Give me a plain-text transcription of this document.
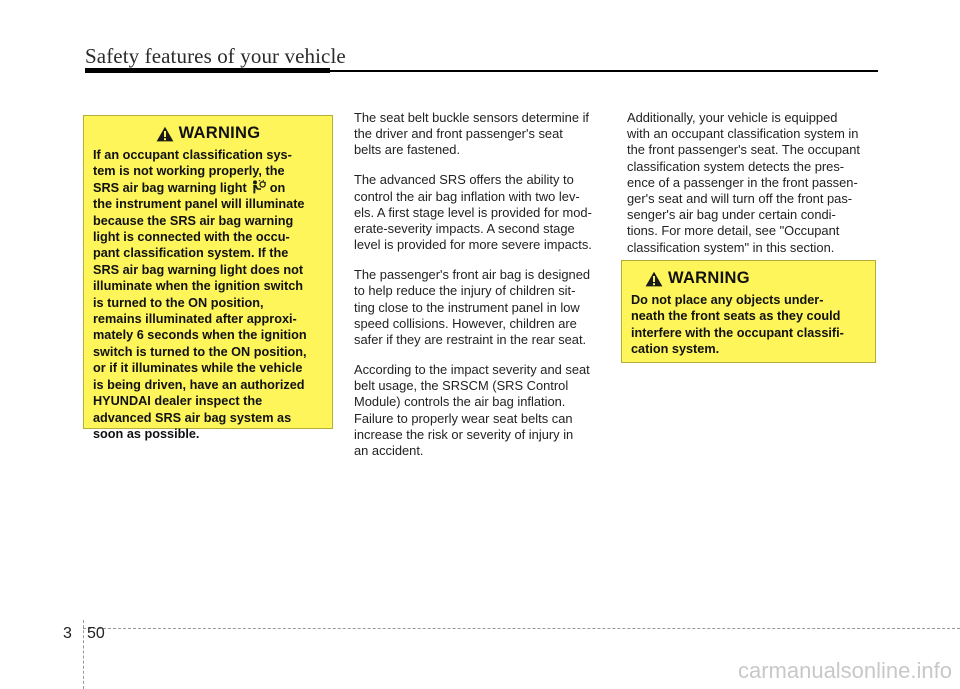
Safety features of your vehicle
WARNING

If an occupant classification sys-
tem is not working properly, the
SRS air bag warning light  on
the instrument panel will illuminate
because the SRS air bag warning
light is connected with the occu-
pant classification system. If the
SRS air bag warning light does not
illuminate when the ignition switch
is turned to the ON position,
remains illuminated after approxi-
mately 6 seconds when the ignition
switch is turned to the ON position,
or if it illuminates while the vehicle
is being driven, have an authorized
HYUNDAI dealer inspect the
advanced SRS air bag system as
soon as possible.

The seat belt buckle sensors determine if
the driver and front passenger's seat
belts are fastened.

The advanced SRS offers the ability to
control the air bag inflation with two lev-
els. A first stage level is provided for mod-
erate-severity impacts. A second stage
level is provided for more severe impacts.

The passenger's front air bag is designed
to help reduce the injury of children sit-
ting close to the instrument panel in low
speed collisions. However, children are
safer if they are restraint in the rear seat.

According to the impact severity and seat
belt usage, the SRSCM (SRS Control
Module) controls the air bag inflation.
Failure to properly wear seat belts can
increase the risk or severity of injury in
an accident.

Additionally, your vehicle is equipped
with an occupant classification system in
the front passenger's seat. The occupant
classification system detects the pres-
ence of a passenger in the front passen-
ger's seat and will turn off the front pas-
senger's air bag under certain condi-
tions. For more detail, see "Occupant
classification system" in this section.

WARNING

Do not place any objects under-
neath the front seats as they could
interfere with the occupant classifi-
cation system.

3 50
carmanualsonline.info
